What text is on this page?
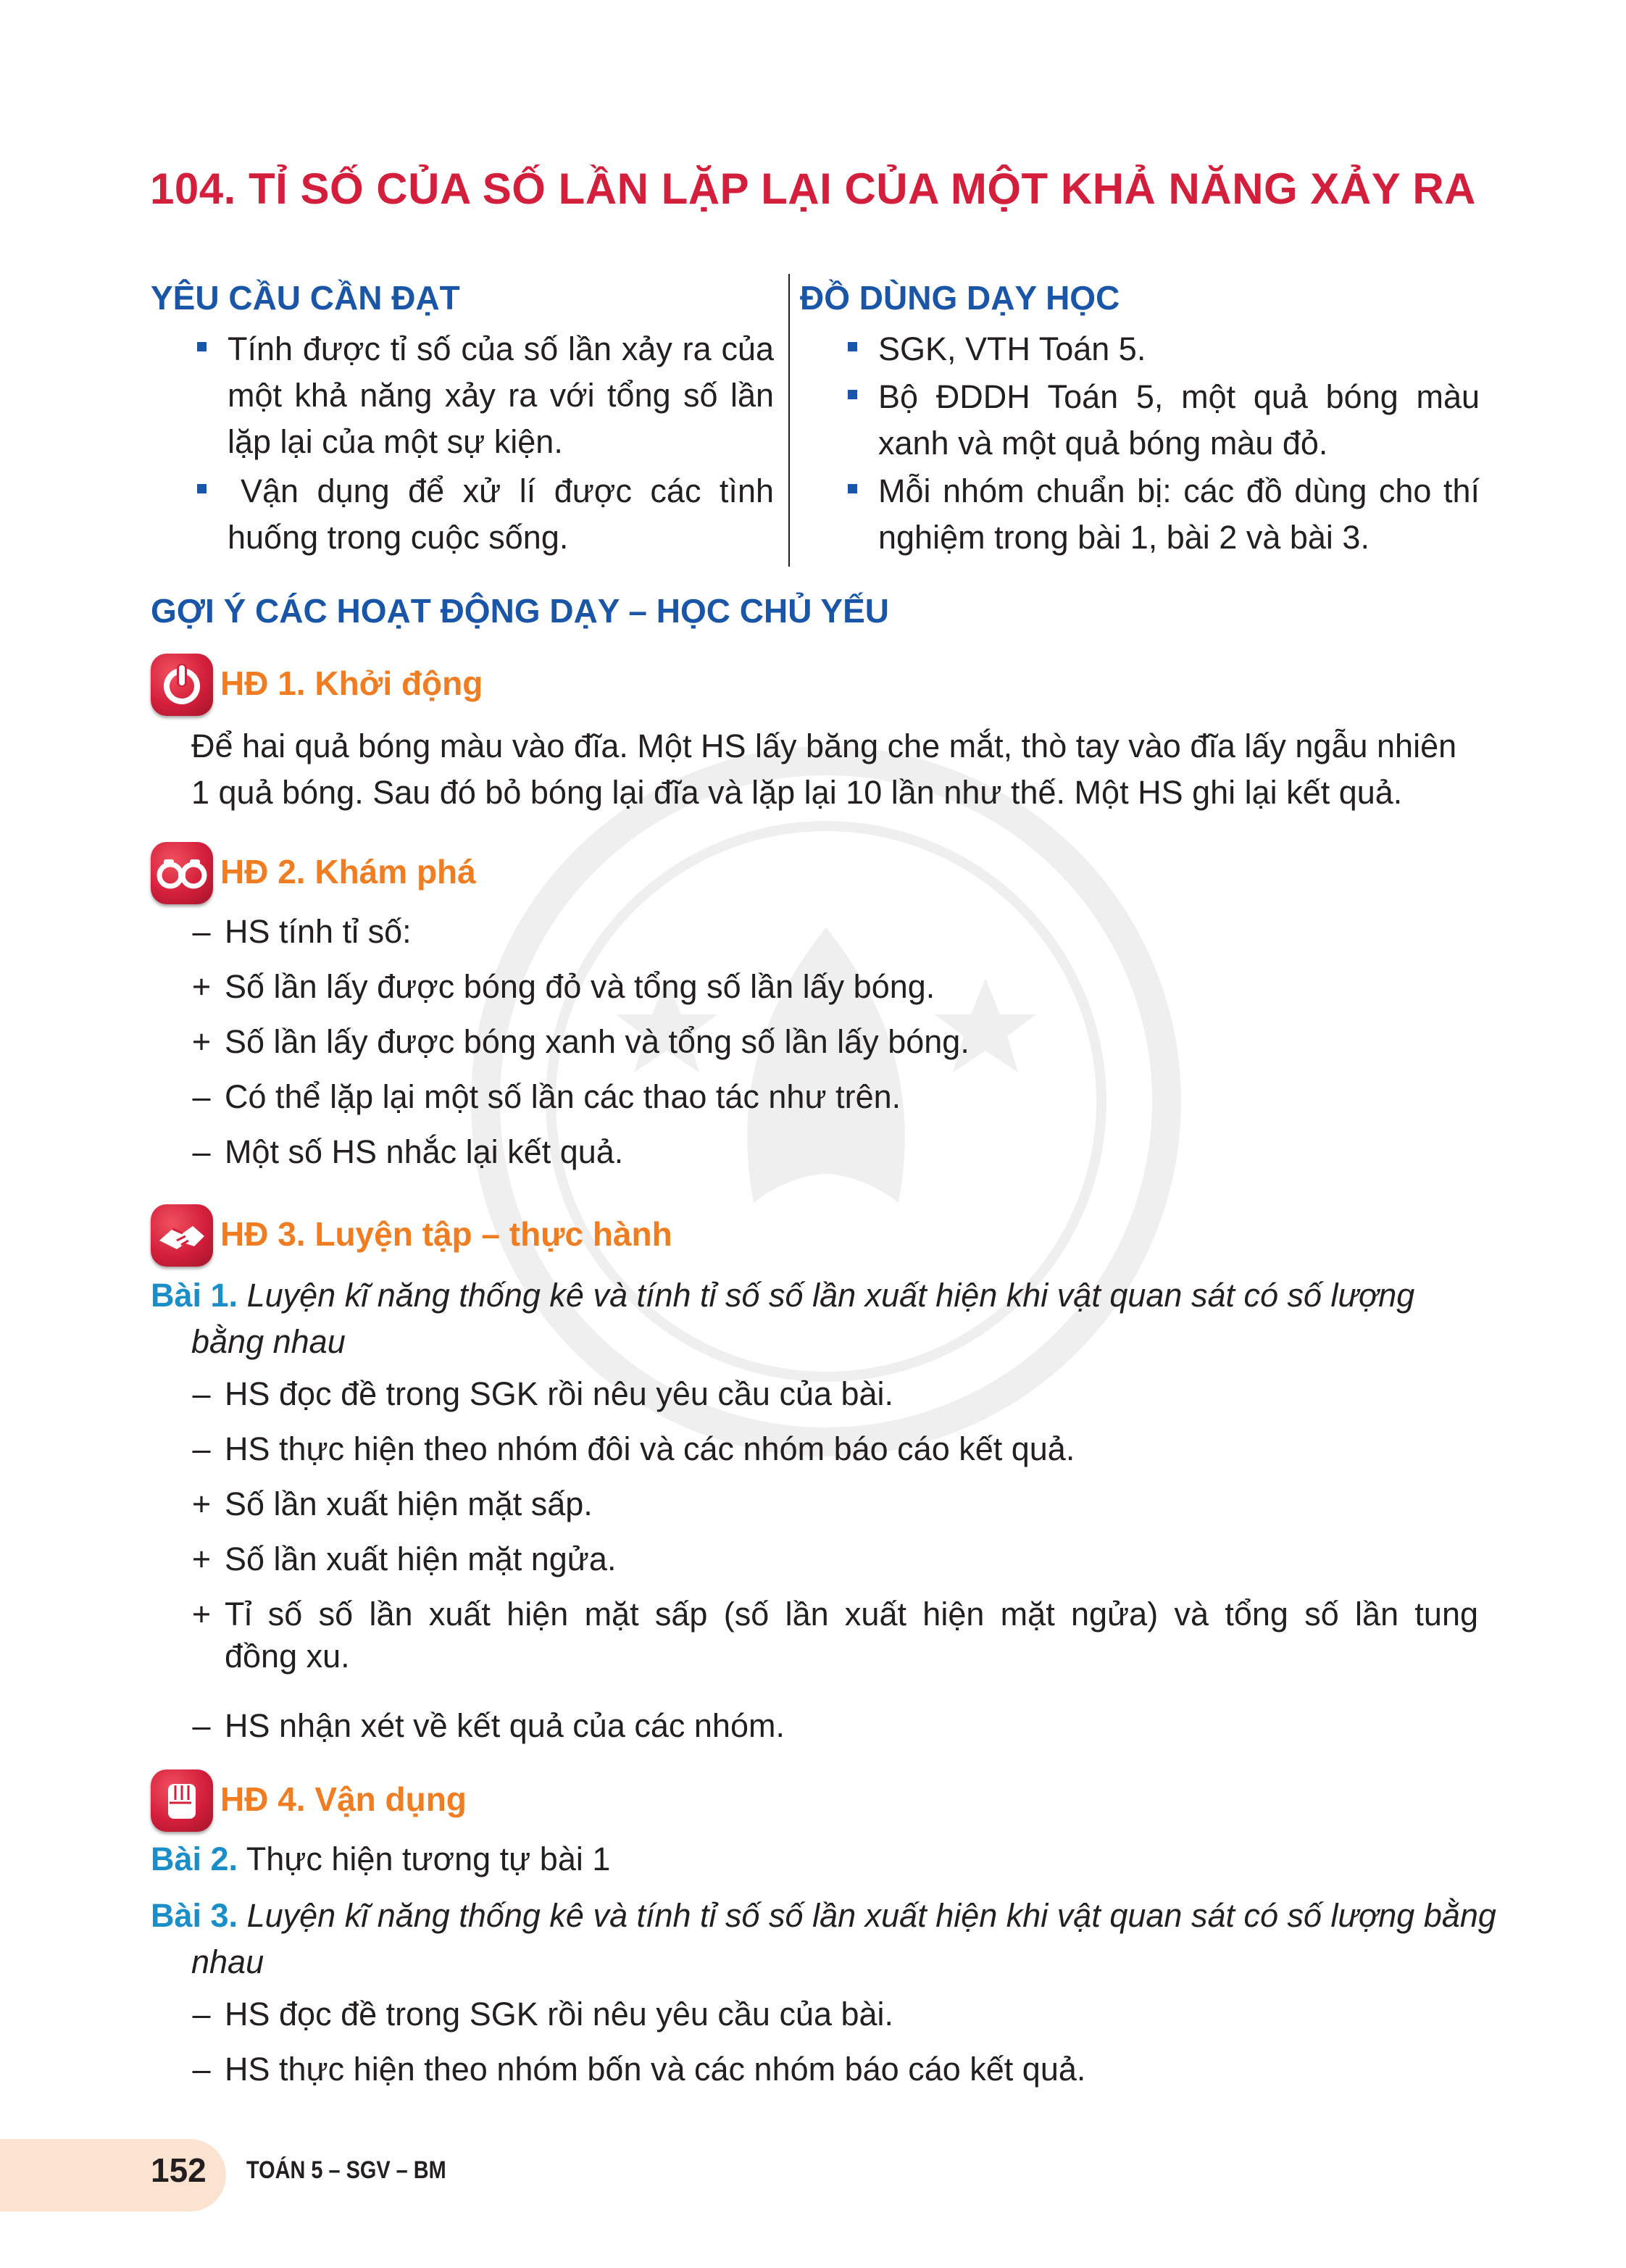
104. TỈ SỐ CỦA SỐ LẦN LẶP LẠI CỦA MỘT KHẢ NĂNG XẢY RA
YÊU CẦU CẦN ĐẠT
Tính được tỉ số của số lần xảy ra của
một khả năng xảy ra với tổng số lần
lặp lại của một sự kiện.
Vận dụng để xử lí được các tình
huống trong cuộc sống.
ĐỒ DÙNG DẠY HỌC
SGK, VTH Toán 5.
Bộ ĐDDH Toán 5, một quả bóng màu
xanh và một quả bóng màu đỏ.
Mỗi nhóm chuẩn bị: các đồ dùng cho thí
nghiệm trong bài 1, bài 2 và bài 3.
GỢI Ý CÁC HOẠT ĐỘNG DẠY – HỌC CHỦ YẾU
HĐ 1. Khởi động
Để hai quả bóng màu vào đĩa. Một HS lấy băng che mắt, thò tay vào đĩa lấy ngẫu nhiên
1 quả bóng. Sau đó bỏ bóng lại đĩa và lặp lại 10 lần như thế. Một HS ghi lại kết quả.
HĐ 2. Khám phá
– HS tính tỉ số:
+ Số lần lấy được bóng đỏ và tổng số lần lấy bóng.
+ Số lần lấy được bóng xanh và tổng số lần lấy bóng.
– Có thể lặp lại một số lần các thao tác như trên.
– Một số HS nhắc lại kết quả.
HĐ 3. Luyện tập – thực hành
Bài 1. Luyện kĩ năng thống kê và tính tỉ số số lần xuất hiện khi vật quan sát có số lượng
bằng nhau
– HS đọc đề trong SGK rồi nêu yêu cầu của bài.
– HS thực hiện theo nhóm đôi và các nhóm báo cáo kết quả.
+ Số lần xuất hiện mặt sấp.
+ Số lần xuất hiện mặt ngửa.
+ Tỉ số số lần xuất hiện mặt sấp (số lần xuất hiện mặt ngửa) và tổng số lần tung
đồng xu.
– HS nhận xét về kết quả của các nhóm.
HĐ 4. Vận dụng
Bài 2. Thực hiện tương tự bài 1
Bài 3. Luyện kĩ năng thống kê và tính tỉ số số lần xuất hiện khi vật quan sát có số lượng bằng
nhau
– HS đọc đề trong SGK rồi nêu yêu cầu của bài.
– HS thực hiện theo nhóm bốn và các nhóm báo cáo kết quả.
152 TOÁN 5 – SGV – BM
